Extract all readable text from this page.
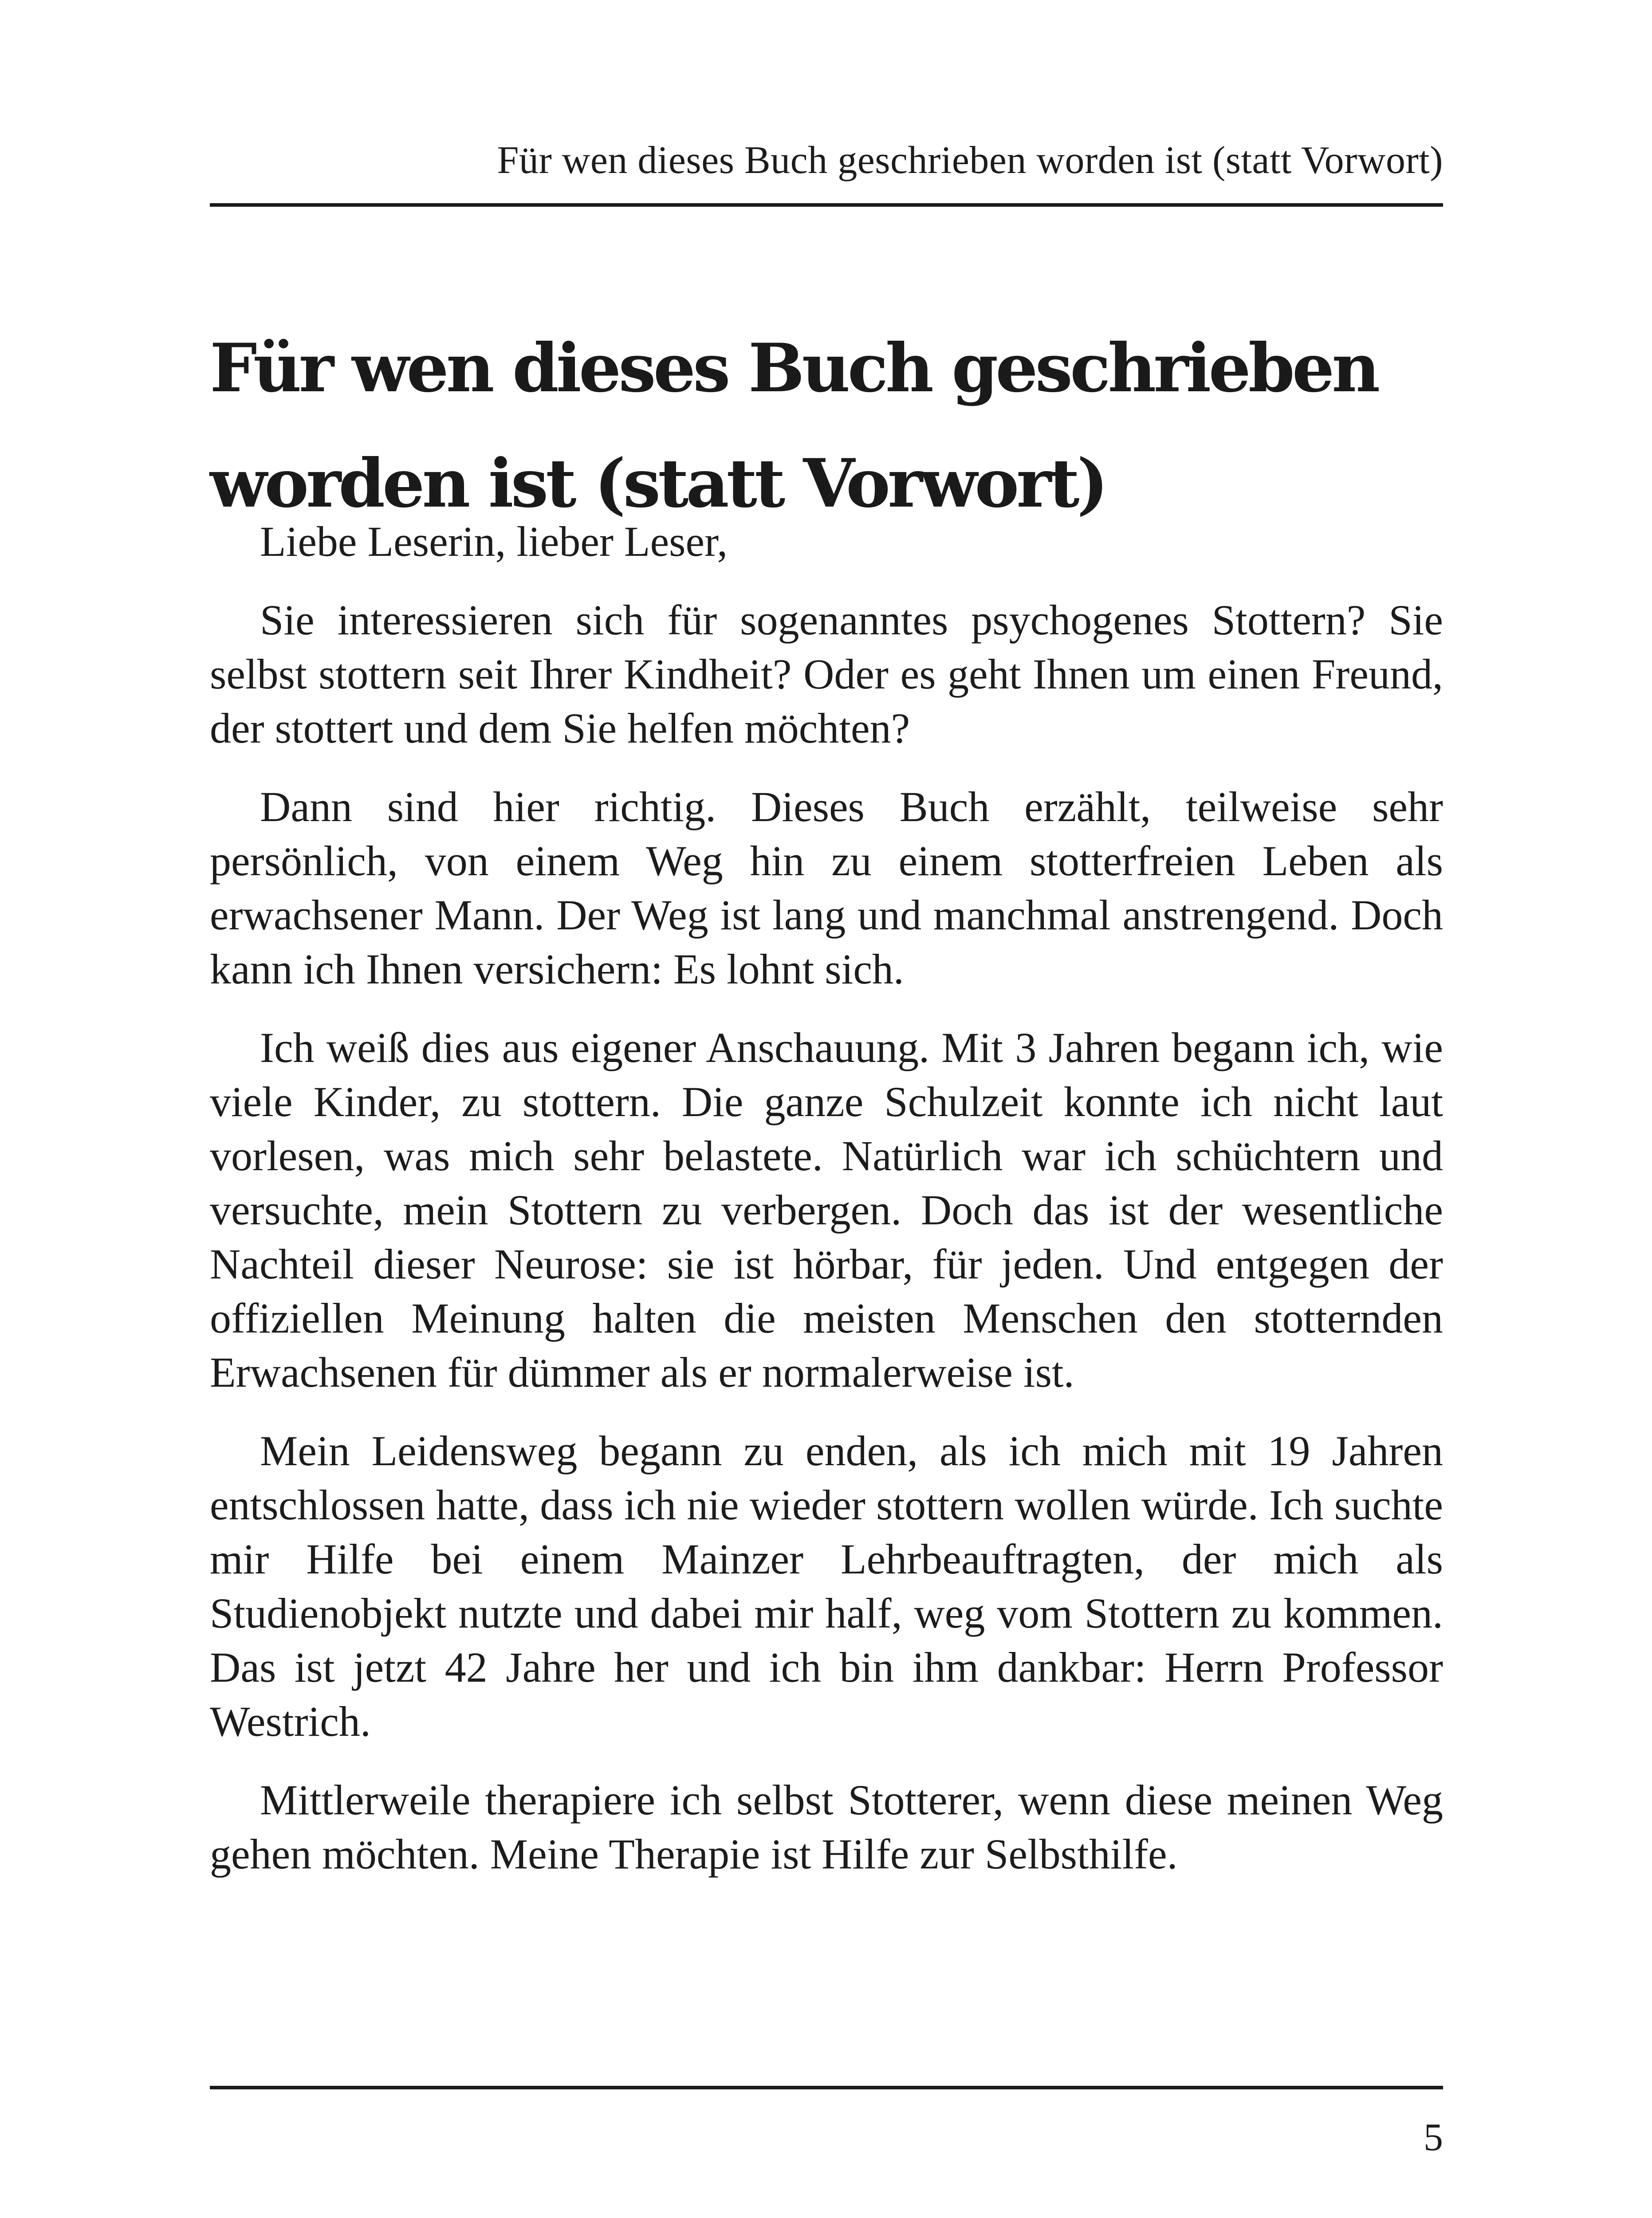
Für wen dieses Buch geschrieben worden ist (statt Vorwort)
Für wen dieses Buch geschrieben
worden ist (statt Vorwort)

Liebe Leserin, lieber Leser,

Sie interessieren sich für sogenanntes psychogenes Stottern? Sie selbst stottern seit Ihrer Kindheit? Oder es geht Ihnen um einen Freund, der stottert und dem Sie helfen möchten?

Dann sind hier richtig. Dieses Buch erzählt, teilweise sehr persönlich, von einem Weg hin zu einem stotterfreien Leben als erwachsener Mann. Der Weg ist lang und manchmal anstrengend. Doch kann ich Ihnen versichern: Es lohnt sich.

Ich weiß dies aus eigener Anschauung. Mit 3 Jahren begann ich, wie viele Kinder, zu stottern. Die ganze Schulzeit konnte ich nicht laut vorlesen, was mich sehr belastete. Natürlich war ich schüchtern und versuchte, mein Stottern zu verbergen. Doch das ist der wesentliche Nachteil dieser Neurose: sie ist hörbar, für jeden. Und entgegen der offiziellen Meinung halten die meisten Menschen den stotternden Erwachsenen für dümmer als er normalerweise ist.

Mein Leidensweg begann zu enden, als ich mich mit 19 Jahren entschlossen hatte, dass ich nie wieder stottern wollen würde. Ich suchte mir Hilfe bei einem Mainzer Lehrbeauftragten, der mich als Studienobjekt nutzte und dabei mir half, weg vom Stottern zu kommen. Das ist jetzt 42 Jahre her und ich bin ihm dankbar: Herrn Professor Westrich.

Mittlerweile therapiere ich selbst Stotterer, wenn diese meinen Weg gehen möchten. Meine Therapie ist Hilfe zur Selbsthilfe.

5
